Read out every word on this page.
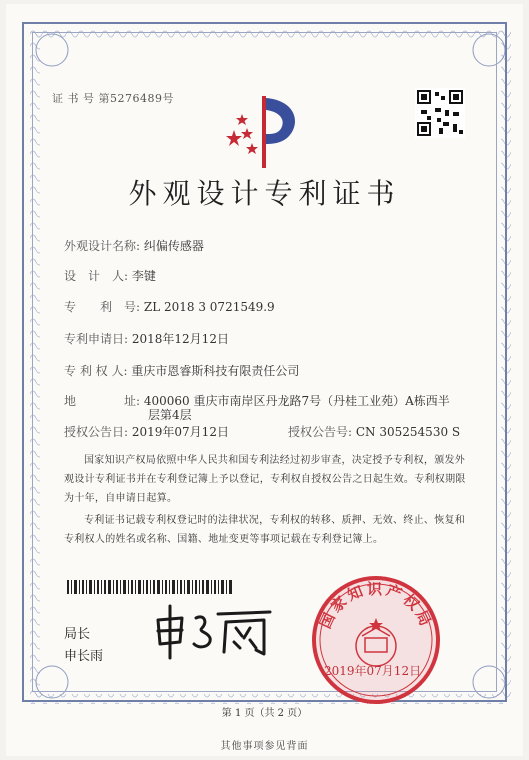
证 书 号 第5276489号
外观设计专利证书
外观设计名称: 纠偏传感器
设　计　人: 李键
专　　利　号: ZL 2018 3 0721549.9
专利申请日: 2018年12月12日
专 利 权 人: 重庆市恩睿斯科技有限责任公司
地　　　　址: 400060 重庆市南岸区丹龙路7号（丹桂工业苑）A栋西半
层第4层
授权公告日: 2019年07月12日	授权公告号: CN 305254530 S
国家知识产权局依照中华人民共和国专利法经过初步审查，决定授予专利权，颁发外观设计专利证书并在专利登记簿上予以登记，专利权自授权公告之日起生效。专利权期限为十年，自申请日起算。
专利证书记载专利权登记时的法律状况，专利权的转移、质押、无效、终止、恢复和专利权人的姓名或名称、国籍、地址变更等事项记载在专利登记簿上。
局长
申长雨
国家知识产权局
2019年07月12日
第 1 页（共 2 页）
其他事项参见背面
